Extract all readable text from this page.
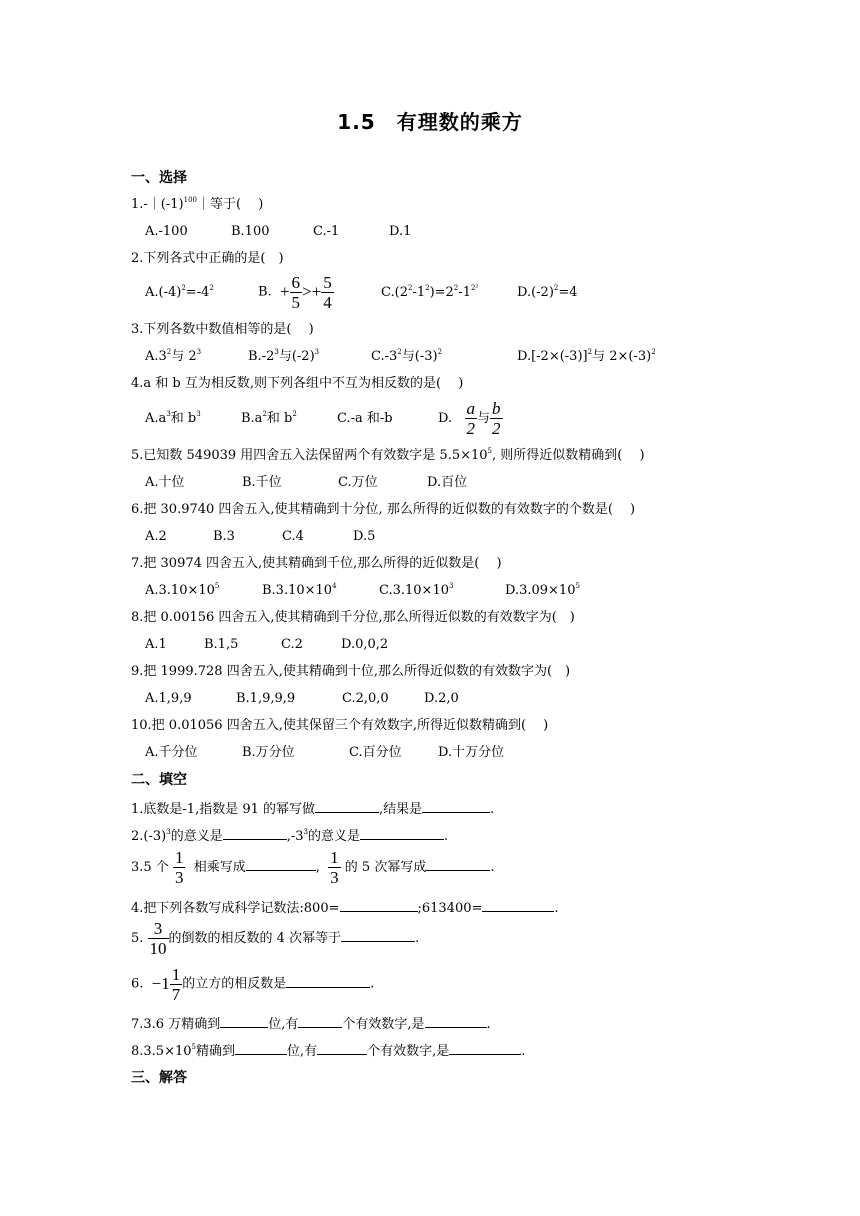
1.5　有理数的乘方
一、选择
$1.-|(-1)^{100}|$等于(　 )
A.-100	B.100	C.-1	D.1
2.下列各式中正确的是(　)
$A.(-4)^2=-4^2$	B. + $\frac{6}{5} >+ \frac{5}{4}$	$C.(2^2-1^2)=2^2-1^{2^2}$	$D.(-2)^2=4$
3.下列各数中数值相等的是(　 )
$A.3^2$与 $2^3$	$B.-2^3$与$(-2)^3$	$C.-3^2$与$(-3)^2$	$D.[-2\times(-3)]^2$与 $2\times(-3)^2$
4.a 和 b 互为相反数,则下列各组中不互为相反数的是(　 )
$A.a^3$和 $b^3$	$B.a^2$和 $b^2$	C.-a 和-b	D. $\frac{a}{2}$ 与 $\frac{b}{2}$
5.已知数 549039 用四舍五入法保留两个有效数字是 $5.5\times 10^5$, 则所得近似数精确到(　 )
A.十位	B.千位	C.万位	D.百位
6.把 30.9740 四舍五入,使其精确到十分位, 那么所得的近似数的有效数字的个数是(　 )
A.2	B.3	C.4	D.5
7.把 30974 四舍五入,使其精确到千位,那么所得的近似数是(　 )
$A.3.10\times 10^5$	$B.3.10\times 10^4$	$C.3.10\times 10^3$	$D.3.09\times 10^5$
8.把 0.00156 四舍五入,使其精确到千分位,那么所得近似数的有效数字为(　)
A.1	B.1,5	C.2	D.0,0,2
9.把 1999.728 四舍五入,使其精确到十位,那么所得近似数的有效数字为(　)
A.1,9,9	B.1,9,9,9	C.2,0,0	D.2,0
10.把 0.01056 四舍五入,使其保留三个有效数字,所得近似数精确到(　 )
A.千分位	B.万分位	C.百分位	D.十万分位
二、填空
1.底数是-1,指数是 91 的幂写做	,结果是	.
$2.(-3)^3$的意义是	$,-3^3$的意义是	.
3.5 个 $\frac{1}{3}$ 相乘写成	, $\frac{1}{3}$ 的 5 次幂写成	.
4.把下列各数写成科学记数法:800=	;613400=	.
5. $\frac{3}{10}$ 的倒数的相反数的 4 次幂等于	.
6. $-1 \frac{1}{7}$ 的立方的相反数是	.
7.3.6 万精确到	位,有	个有效数字,是	.
$8.3.5\times 10^5$精确到	位,有	个有效数字,是	.
三、解答
